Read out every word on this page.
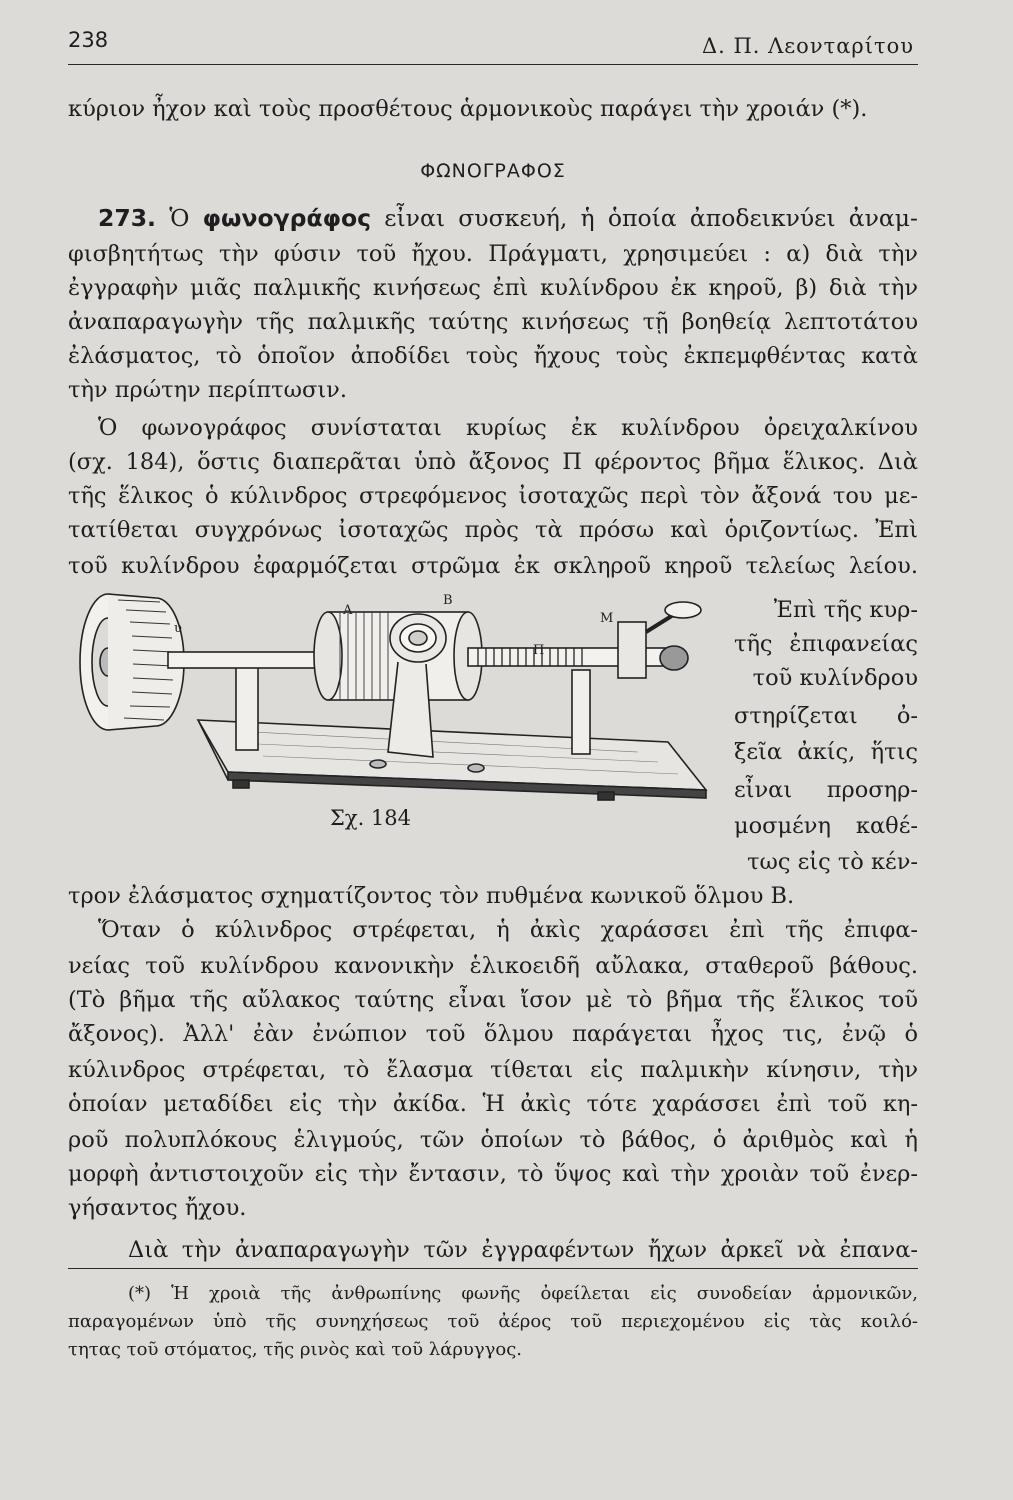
238	Δ. Π. Λεονταρίτου
κύριον ἦχον καὶ τοὺς προσθέτους ἁρμονικοὺς παράγει τὴν χροιάν (*).
ΦΩΝΟΓΡΑΦΟΣ
273. Ὁ φωνογράφος εἶναι συσκευή, ἡ ὁποία ἀποδεικνύει ἀναμ-
φισβητήτως τὴν φύσιν τοῦ ἤχου. Πράγματι, χρησιμεύει : α) διὰ τὴν
ἐγγραφὴν μιᾶς παλμικῆς κινήσεως ἐπὶ κυλίνδρου ἐκ κηροῦ, β) διὰ τὴν
ἀναπαραγωγὴν τῆς παλμικῆς ταύτης κινήσεως τῇ βοηθείᾳ λεπτοτάτου
ἐλάσματος, τὸ ὁποῖον ἀποδίδει τοὺς ἤχους τοὺς ἐκπεμφθέντας κατὰ
τὴν πρώτην περίπτωσιν.
Ὁ φωνογράφος συνίσταται κυρίως ἐκ κυλίνδρου ὀρειχαλκίνου
(σχ. 184), ὅστις διαπερᾶται ὑπὸ ἄξονος Π φέροντος βῆμα ἕλικος. Διὰ
τῆς ἕλικος ὁ κύλινδρος στρεφόμενος ἰσοταχῶς περὶ τὸν ἄξονά του με-
τατίθεται συγχρόνως ἰσοταχῶς πρὸς τὰ πρόσω καὶ ὁριζοντίως. Ἐπὶ
τοῦ κυλίνδρου ἐφαρμόζεται στρῶμα ἐκ σκληροῦ κηροῦ τελείως λείου.
Α
Β
Π
υ
Μ
Σχ. 184
Ἐπὶ τῆς κυρ-
τῆς ἐπιφανείας
τοῦ κυλίνδρου
στηρίζεται ὀ-
ξεῖα ἀκίς, ἥτις
εἶναι προσηρ-
μοσμένη καθέ-
τως εἰς τὸ κέν-
τρον ἐλάσματος σχηματίζοντος τὸν πυθμένα κωνικοῦ ὅλμου Β.
Ὅταν ὁ κύλινδρος στρέφεται, ἡ ἀκὶς χαράσσει ἐπὶ τῆς ἐπιφα-
νείας τοῦ κυλίνδρου κανονικὴν ἑλικοειδῆ αὔλακα, σταθεροῦ βάθους.
(Τὸ βῆμα τῆς αὔλακος ταύτης εἶναι ἴσον μὲ τὸ βῆμα τῆς ἕλικος τοῦ
ἄξονος). Ἀλλ' ἐὰν ἐνώπιον τοῦ ὅλμου παράγεται ἦχος τις, ἐνῷ ὁ
κύλινδρος στρέφεται, τὸ ἔλασμα τίθεται εἰς παλμικὴν κίνησιν, τὴν
ὁποίαν μεταδίδει εἰς τὴν ἀκίδα. Ἡ ἀκὶς τότε χαράσσει ἐπὶ τοῦ κη-
ροῦ πολυπλόκους ἑλιγμούς, τῶν ὁποίων τὸ βάθος, ὁ ἀριθμὸς καὶ ἡ
μορφὴ ἀντιστοιχοῦν εἰς τὴν ἔντασιν, τὸ ὕψος καὶ τὴν χροιὰν τοῦ ἐνερ-
γήσαντος ἤχου.
Διὰ τὴν ἀναπαραγωγὴν τῶν ἐγγραφέντων ἤχων ἀρκεῖ νὰ ἐπανα-
(*) Ἡ χροιὰ τῆς ἀνθρωπίνης φωνῆς ὀφείλεται εἰς συνοδείαν ἁρμονικῶν,
παραγομένων ὑπὸ τῆς συνηχήσεως τοῦ ἀέρος τοῦ περιεχομένου εἰς τὰς κοιλό-
τητας τοῦ στόματος, τῆς ρινὸς καὶ τοῦ λάρυγγος.
